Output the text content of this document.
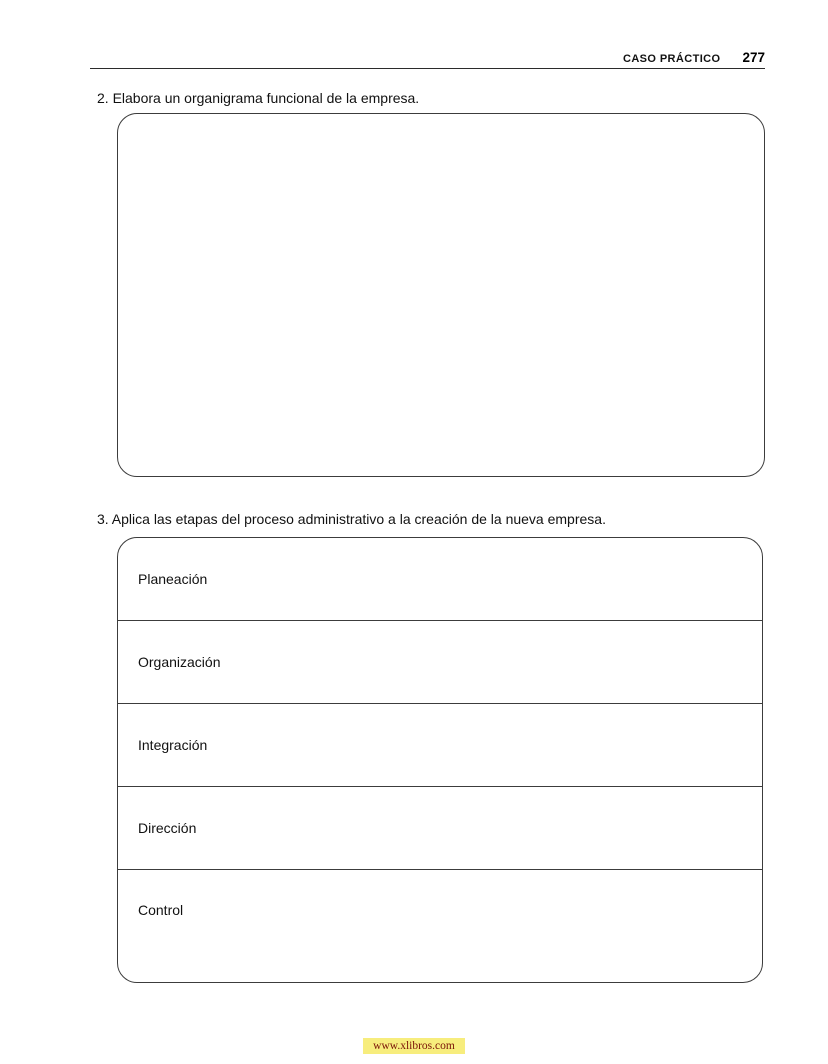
CASO PRÁCTICO 277

2. Elabora un organigrama funcional de la empresa.

3. Aplica las etapas del proceso administrativo a la creación de la nueva empresa.

Planeación
Organización
Integración
Dirección
Control
www.xlibros.com
